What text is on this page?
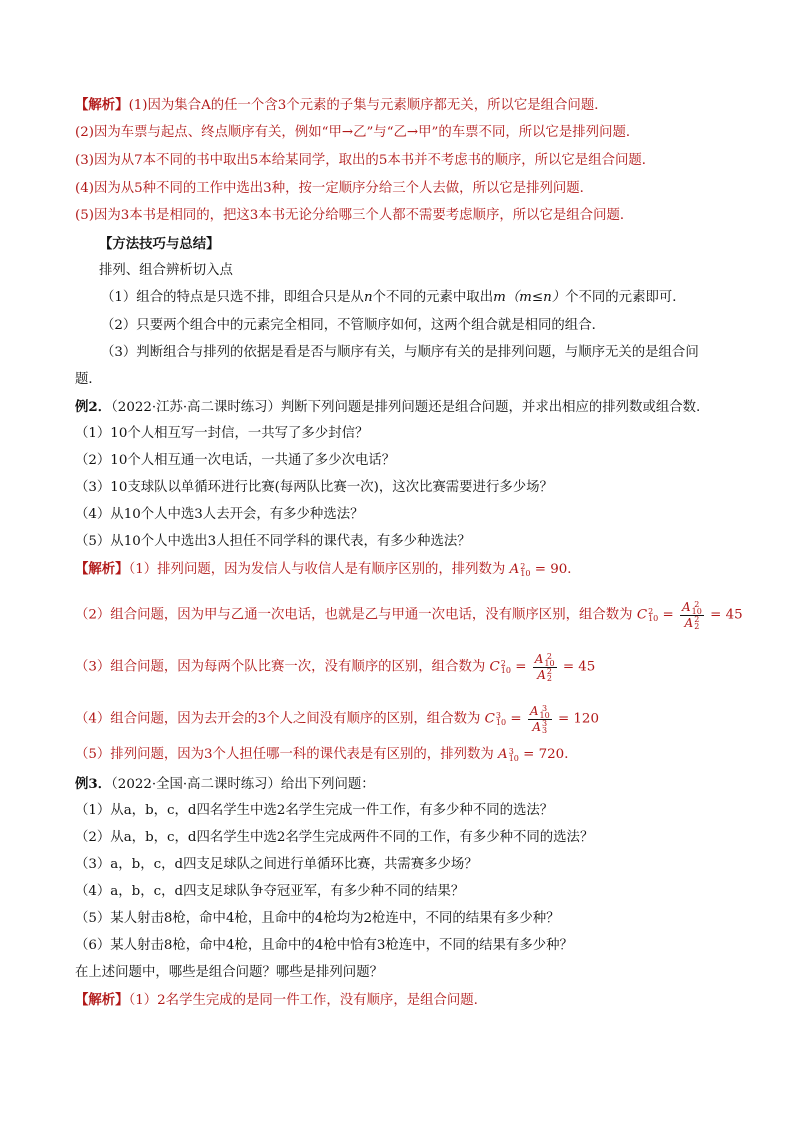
【解析】(1)因为集合A的任一个含3个元素的子集与元素顺序都无关，所以它是组合问题．
(2)因为车票与起点、终点顺序有关，例如“甲→乙”与“乙→甲”的车票不同，所以它是排列问题．
(3)因为从7本不同的书中取出5本给某同学，取出的5本书并不考虑书的顺序，所以它是组合问题．
(4)因为从5种不同的工作中选出3种，按一定顺序分给三个人去做，所以它是排列问题．
(5)因为3本书是相同的，把这3本书无论分给哪三个人都不需要考虑顺序，所以它是组合问题．
【方法技巧与总结】
排列、组合辨析切入点
（1）组合的特点是只选不排，即组合只是从n个不同的元素中取出m（m≤n）个不同的元素即可．
（2）只要两个组合中的元素完全相同，不管顺序如何，这两个组合就是相同的组合．
（3）判断组合与排列的依据是看是否与顺序有关，与顺序有关的是排列问题，与顺序无关的是组合问
题．
例2．（2022·江苏·高二课时练习）判断下列问题是排列问题还是组合问题，并求出相应的排列数或组合数.
（1）10个人相互写一封信，一共写了多少封信？
（2）10个人相互通一次电话，一共通了多少次电话？
（3）10支球队以单循环进行比赛(每两队比赛一次)，这次比赛需要进行多少场？
（4）从10个人中选3人去开会，有多少种选法？
（5）从10个人中选出3人担任不同学科的课代表，有多少种选法？
【解析】（1）排列问题，因为发信人与收信人是有顺序区别的，排列数为 A 2
10 = 90．
（2）组合问题，因为甲与乙通一次电话，也就是乙与甲通一次电话，没有顺序区别，组合数为 C 2
10 = A 2
10
A 2
2 = 45
（3）组合问题，因为每两个队比赛一次，没有顺序的区别，组合数为 C 2
10 = A 2
10
A 2
2 = 45
（4）组合问题，因为去开会的3个人之间没有顺序的区别，组合数为 C 3
10 = A 3
10
A 3
3 = 120
（5）排列问题，因为3个人担任哪一科的课代表是有区别的，排列数为 A 3
10 = 720．
例3．（2022·全国·高二课时练习）给出下列问题：
（1）从a，b，c，d四名学生中选2名学生完成一件工作，有多少种不同的选法？
（2）从a，b，c，d四名学生中选2名学生完成两件不同的工作，有多少种不同的选法？
（3）a，b，c，d四支足球队之间进行单循环比赛，共需赛多少场？
（4）a，b，c，d四支足球队争夺冠亚军，有多少种不同的结果？
（5）某人射击8枪，命中4枪，且命中的4枪均为2枪连中，不同的结果有多少种？
（6）某人射击8枪，命中4枪，且命中的4枪中恰有3枪连中，不同的结果有多少种？
在上述问题中，哪些是组合问题？哪些是排列问题？
【解析】（1）2名学生完成的是同一件工作，没有顺序，是组合问题.
